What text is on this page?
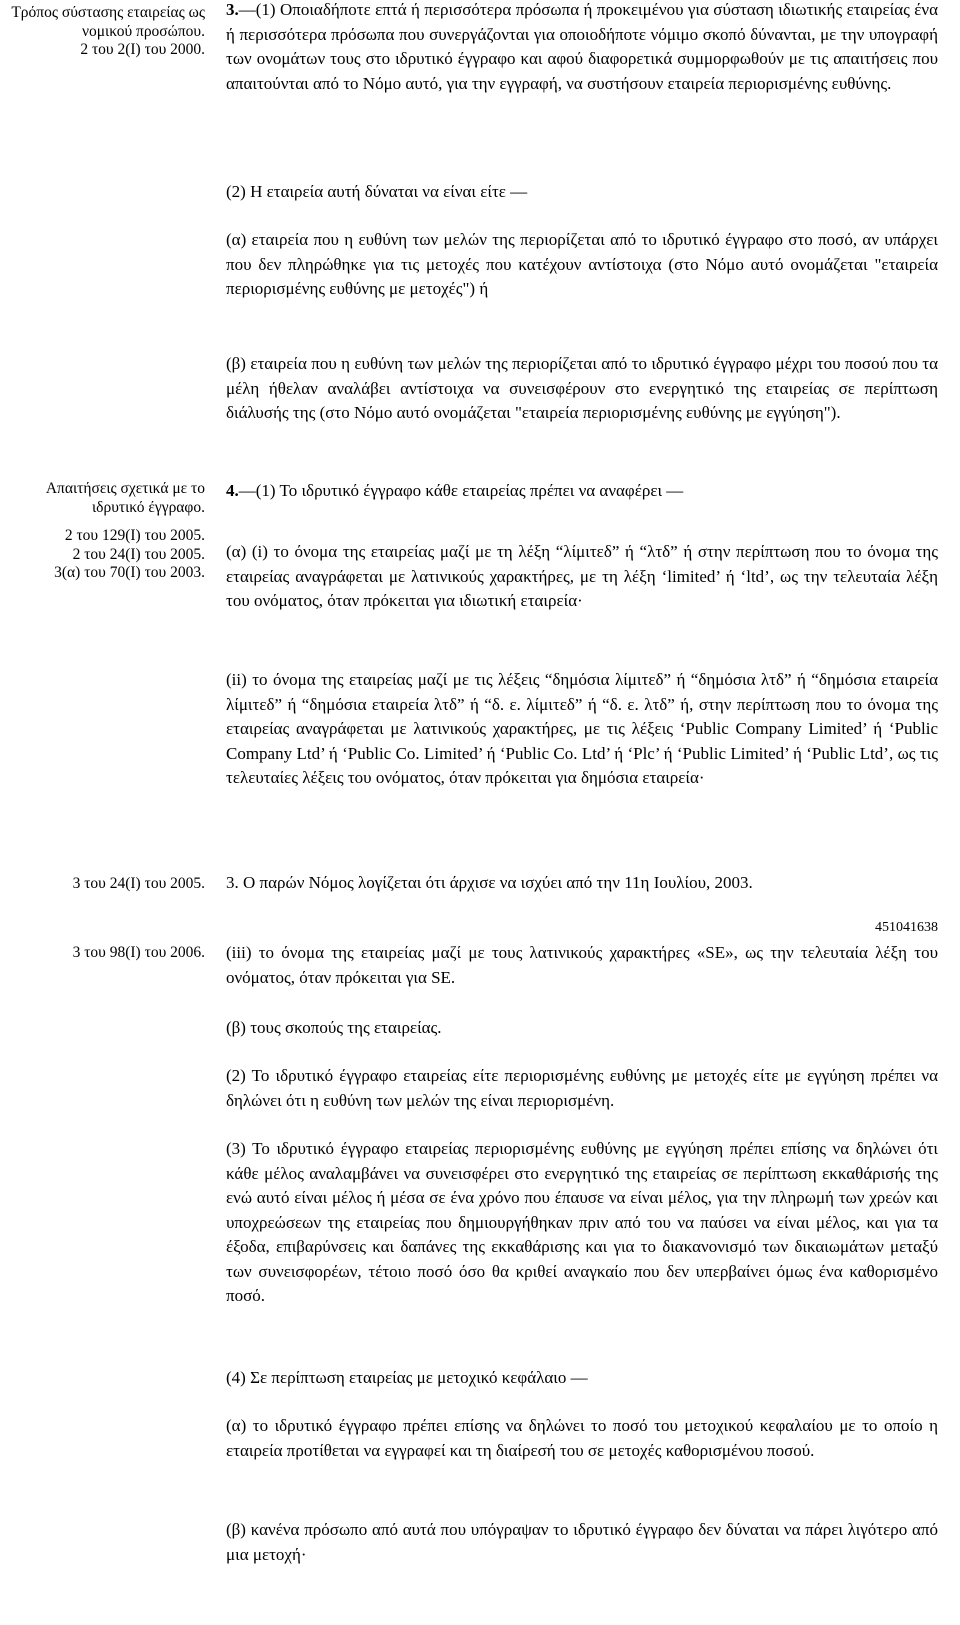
Τρόπος σύστασης εταιρείας ως νομικού προσώπου.
2 του 2(Ι) του 2000.
Απαιτήσεις σχετικά με το ιδρυτικό έγγραφο.
2 του 129(Ι) του 2005.
2 του 24(Ι) του 2005.
3(α) του 70(Ι) του 2003.
3 του 24(Ι) του 2005.
3 του 98(Ι) του 2006.

3.—(1) Οποιαδήποτε επτά ή περισσότερα πρόσωπα ή προκειμένου για σύσταση ιδιωτικής εταιρείας ένα ή περισσότερα πρόσωπα που συνεργάζονται για οποιοδήποτε νόμιμο σκοπό δύνανται, με την υπογραφή των ονομάτων τους στο ιδρυτικό έγγραφο και αφού διαφορετικά συμμορφωθούν με τις απαιτήσεις που απαιτούνται από το Νόμο αυτό, για την εγγραφή, να συστήσουν εταιρεία περιορισμένης ευθύνης.

(2) Η εταιρεία αυτή δύναται να είναι είτε —

(α) εταιρεία που η ευθύνη των μελών της περιορίζεται από το ιδρυτικό έγγραφο στο ποσό, αν υπάρχει που δεν πληρώθηκε για τις μετοχές που κατέχουν αντίστοιχα (στο Νόμο αυτό ονομάζεται "εταιρεία περιορισμένης ευθύνης με μετοχές") ή

(β) εταιρεία που η ευθύνη των μελών της περιορίζεται από το ιδρυτικό έγγραφο μέχρι του ποσού που τα μέλη ήθελαν αναλάβει αντίστοιχα να συνεισφέρουν στο ενεργητικό της εταιρείας σε περίπτωση διάλυσής της (στο Νόμο αυτό ονομάζεται "εταιρεία περιορισμένης ευθύνης με εγγύηση").

4.—(1) Το ιδρυτικό έγγραφο κάθε εταιρείας πρέπει να αναφέρει —

(α) (i) το όνομα της εταιρείας μαζί με τη λέξη “λίμιτεδ” ή “λτδ” ή στην περίπτωση που το όνομα της εταιρείας αναγράφεται με λατινικούς χαρακτήρες, με τη λέξη ‘limited’ ή ‘ltd’, ως την τελευταία λέξη του ονόματος, όταν πρόκειται για ιδιωτική εταιρεία·

(ii) το όνομα της εταιρείας μαζί με τις λέξεις “δημόσια λίμιτεδ” ή “δημόσια λτδ” ή “δημόσια εταιρεία λίμιτεδ” ή “δημόσια εταιρεία λτδ” ή “δ. ε. λίμιτεδ” ή “δ. ε. λτδ” ή, στην περίπτωση που το όνομα της εταιρείας αναγράφεται με λατινικούς χαρακτήρες, με τις λέξεις ‘Public Company Limited’ ή ‘Public Company Ltd’ ή ‘Public Co. Limited’ ή ‘Public Co. Ltd’ ή ‘Plc’ ή ‘Public Limited’ ή ‘Public Ltd’, ως τις τελευταίες λέξεις του ονόματος, όταν πρόκειται για δημόσια εταιρεία·

3. Ο παρών Νόμος λογίζεται ότι άρχισε να ισχύει από την 11η Ιουλίου, 2003.

451041638

(iii) το όνομα της εταιρείας μαζί με τους λατινικούς χαρακτήρες «SE», ως την τελευταία λέξη του ονόματος, όταν πρόκειται για SE.

(β) τους σκοπούς της εταιρείας.

(2) Το ιδρυτικό έγγραφο εταιρείας είτε περιορισμένης ευθύνης με μετοχές είτε με εγγύηση πρέπει να δηλώνει ότι η ευθύνη των μελών της είναι περιορισμένη.

(3) Το ιδρυτικό έγγραφο εταιρείας περιορισμένης ευθύνης με εγγύηση πρέπει επίσης να δηλώνει ότι κάθε μέλος αναλαμβάνει να συνεισφέρει στο ενεργητικό της εταιρείας σε περίπτωση εκκαθάρισής της ενώ αυτό είναι μέλος ή μέσα σε ένα χρόνο που έπαυσε να είναι μέλος, για την πληρωμή των χρεών και υποχρεώσεων της εταιρείας που δημιουργήθηκαν πριν από του να παύσει να είναι μέλος, και για τα έξοδα, επιβαρύνσεις και δαπάνες της εκκαθάρισης και για το διακανονισμό των δικαιωμάτων μεταξύ των συνεισφορέων, τέτοιο ποσό όσο θα κριθεί αναγκαίο που δεν υπερβαίνει όμως ένα καθορισμένο ποσό.

(4) Σε περίπτωση εταιρείας με μετοχικό κεφάλαιο —

(α) το ιδρυτικό έγγραφο πρέπει επίσης να δηλώνει το ποσό του μετοχικού κεφαλαίου με το οποίο η εταιρεία προτίθεται να εγγραφεί και τη διαίρεσή του σε μετοχές καθορισμένου ποσού.

(β) κανένα πρόσωπο από αυτά που υπόγραψαν το ιδρυτικό έγγραφο δεν δύναται να πάρει λιγότερο από μια μετοχή·
